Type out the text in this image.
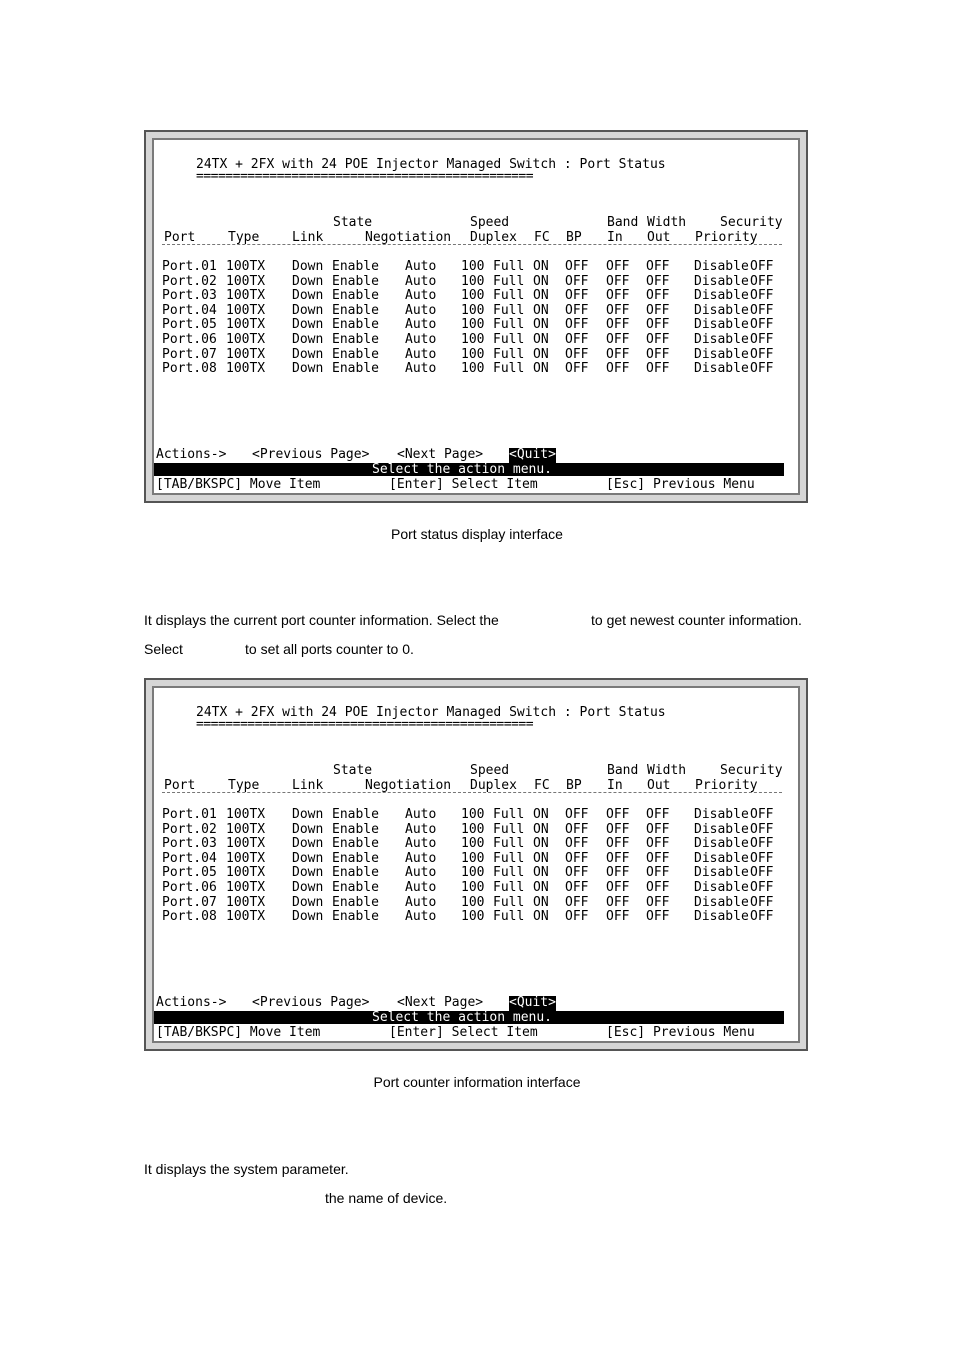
24TX + 2FX with 24 POE Injector Managed Switch : Port Status
==============================================
State	Speed	Band Width	Security
Port	Type	Link	Negotiation Duplex FC BP In Out Priority
Port.01 100TX Down Enable Auto 100 Full ON OFF OFF OFF Disable OFF
Port.02 100TX Down Enable Auto 100 Full ON OFF OFF OFF Disable OFF
Port.03 100TX Down Enable Auto 100 Full ON OFF OFF OFF Disable OFF
Port.04 100TX Down Enable Auto 100 Full ON OFF OFF OFF Disable OFF
Port.05 100TX Down Enable Auto 100 Full ON OFF OFF OFF Disable OFF
Port.06 100TX Down Enable Auto 100 Full ON OFF OFF OFF Disable OFF
Port.07 100TX Down Enable Auto 100 Full ON OFF OFF OFF Disable OFF
Port.08 100TX Down Enable Auto 100 Full ON OFF OFF OFF Disable OFF
Actions-> <Previous Page> <Next Page> <Quit>
Select the action menu.
[TAB/BKSPC] Move Item	[Enter] Select Item	[Esc] Previous Menu
Port status display interface
It displays the current port counter information. Select the	to get newest counter information.
Select	to set all ports counter to 0.
24TX + 2FX with 24 POE Injector Managed Switch : Port Status
==============================================
State	Speed	Band Width	Security
Port	Type	Link	Negotiation Duplex FC BP In Out Priority
Port.01 100TX Down Enable Auto 100 Full ON OFF OFF OFF Disable OFF
Port.02 100TX Down Enable Auto 100 Full ON OFF OFF OFF Disable OFF
Port.03 100TX Down Enable Auto 100 Full ON OFF OFF OFF Disable OFF
Port.04 100TX Down Enable Auto 100 Full ON OFF OFF OFF Disable OFF
Port.05 100TX Down Enable Auto 100 Full ON OFF OFF OFF Disable OFF
Port.06 100TX Down Enable Auto 100 Full ON OFF OFF OFF Disable OFF
Port.07 100TX Down Enable Auto 100 Full ON OFF OFF OFF Disable OFF
Port.08 100TX Down Enable Auto 100 Full ON OFF OFF OFF Disable OFF
Actions-> <Previous Page> <Next Page> <Quit>
Select the action menu.
[TAB/BKSPC] Move Item	[Enter] Select Item	[Esc] Previous Menu
Port counter information interface
It displays the system parameter.
the name of device.
